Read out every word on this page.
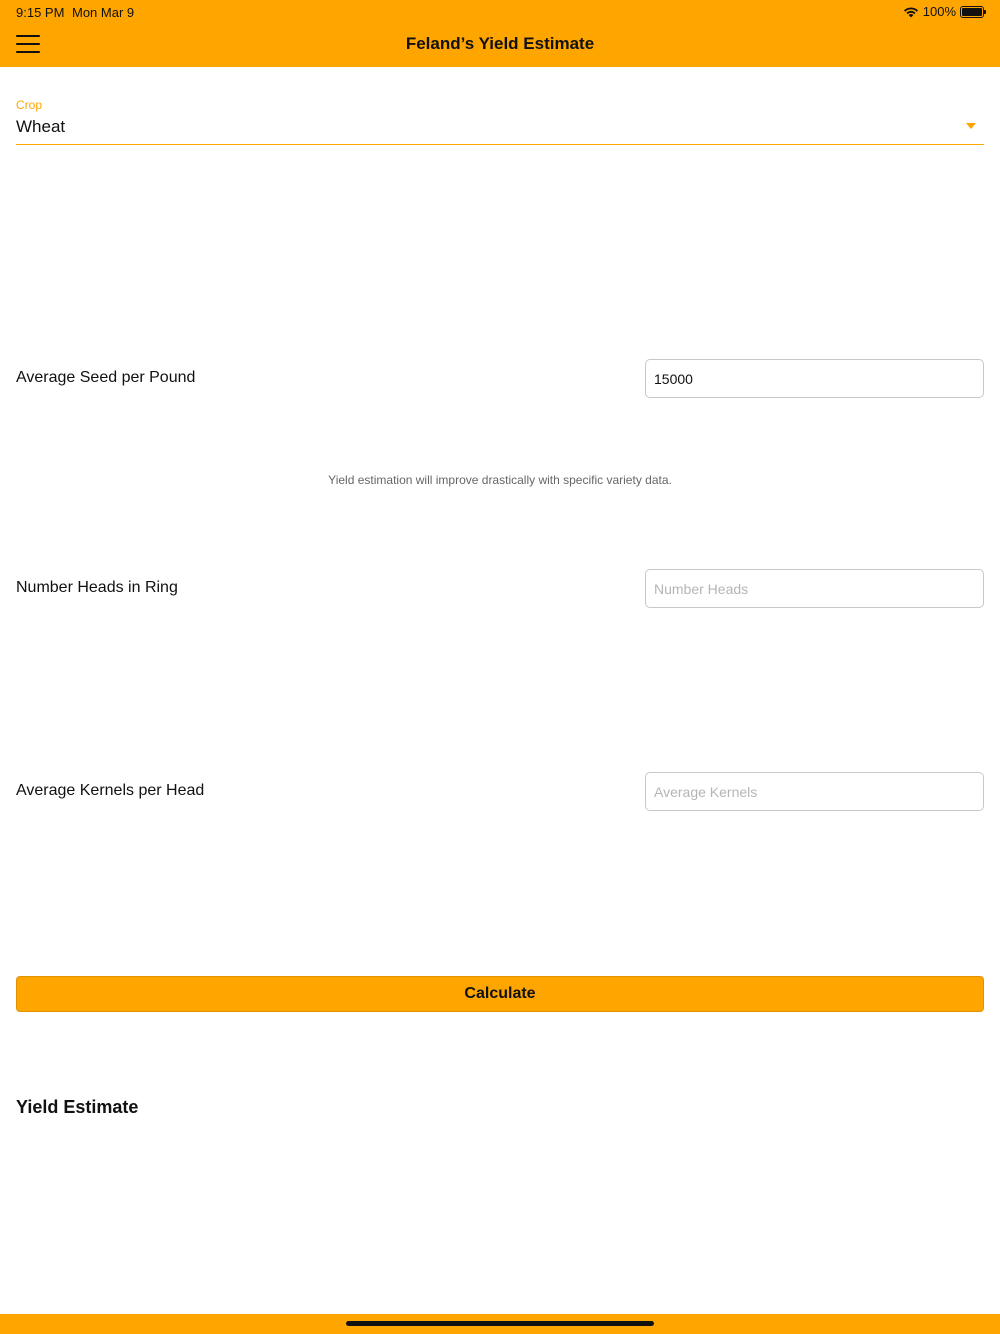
9:15 PM Mon Mar 9	100%
Feland’s Yield Estimate
Crop
Wheat
Average Seed per Pound
15000
Yield estimation will improve drastically with specific variety data.
Number Heads in Ring
Number Heads
Average Kernels per Head
Average Kernels
Calculate
Yield Estimate
